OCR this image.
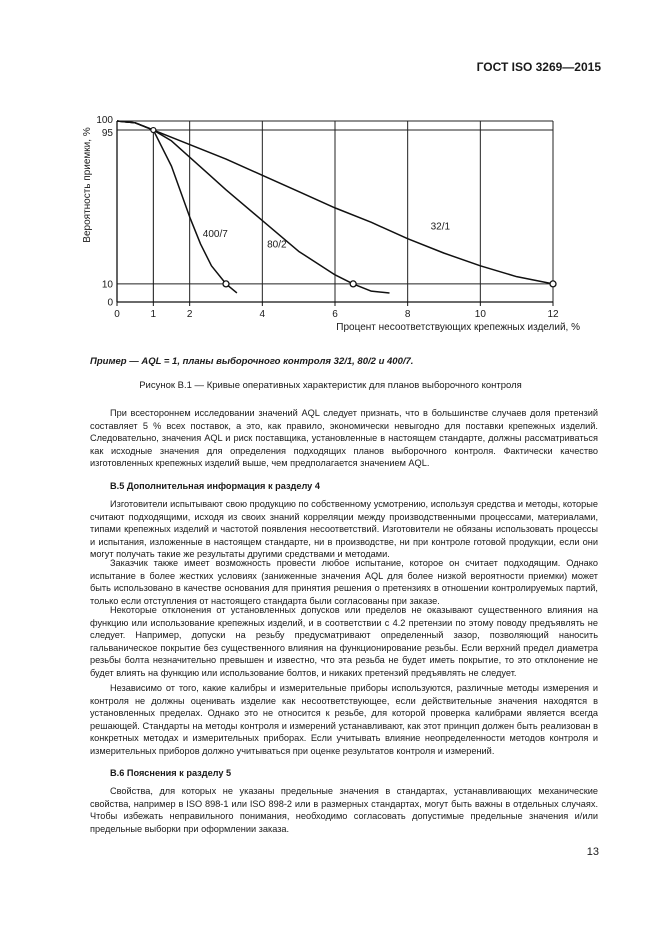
ГОСТ ISO 3269—2015
400/7
80/2
32/1
0	1	2	4	6	8	10	12
0
10
95
100
Вероятность приемки, %
Процент несоответствующих крепежных изделий, %
Пример — AQL = 1, планы выборочного контроля 32/1, 80/2 и 400/7.
Рисунок В.1 — Кривые оперативных характеристик для планов выборочного контроля

При всестороннем исследовании значений AQL следует признать, что в большинстве случаев доля претензий составляет 5 % всех поставок, а это, как правило, экономически невыгодно для поставки крепежных изделий. Следовательно, значения AQL и риск поставщика, установленные в настоящем стандарте, должны рассматриваться как исходные значения для определения подходящих планов выборочного контроля. Фактически качество изготовленных крепежных изделий выше, чем предполагается значением AQL.

В.5 Дополнительная информация к разделу 4

Изготовители испытывают свою продукцию по собственному усмотрению, используя средства и методы, которые считают подходящими, исходя из своих знаний корреляции между производственными процессами, материалами, типами крепежных изделий и частотой появления несоответствий. Изготовители не обязаны использовать процессы и испытания, изложенные в настоящем стандарте, ни в производстве, ни при контроле готовой продукции, если они могут получать такие же результаты другими средствами и методами.

Заказчик также имеет возможность провести любое испытание, которое он считает подходящим. Однако испытание в более жестких условиях (заниженные значения AQL для более низкой вероятности приемки) может быть использовано в качестве основания для принятия решения о претензиях в отношении контролируемых партий, только если отступления от настоящего стандарта были согласованы при заказе.

Некоторые отклонения от установленных допусков или пределов не оказывают существенного влияния на функцию или использование крепежных изделий, и в соответствии с 4.2 претензии по этому поводу предъявлять не следует. Например, допуски на резьбу предусматривают определенный зазор, позволяющий наносить гальваническое покрытие без существенного влияния на функционирование резьбы. Если верхний предел диаметра резьбы болта незначительно превышен и известно, что эта резьба не будет иметь покрытие, то это отклонение не будет влиять на функцию или использование болтов, и никаких претензий предъявлять не следует.

Независимо от того, какие калибры и измерительные приборы используются, различные методы измерения и контроля не должны оценивать изделие как несоответствующее, если действительные значения находятся в установленных пределах. Однако это не относится к резьбе, для которой проверка калибрами является всегда решающей. Стандарты на методы контроля и измерений устанавливают, как этот принцип должен быть реализован в конкретных методах и измерительных приборах. Если учитывать влияние неопределенности методов контроля и измерительных приборов должно учитываться при оценке результатов контроля и измерений.

В.6 Пояснения к разделу 5

Свойства, для которых не указаны предельные значения в стандартах, устанавливающих механические свойства, например в ISO 898-1 или ISO 898-2 или в размерных стандартах, могут быть важны в отдельных случаях. Чтобы избежать неправильного понимания, необходимо согласовать допустимые предельные значения и/или предельные выборки при оформлении заказа.

13
